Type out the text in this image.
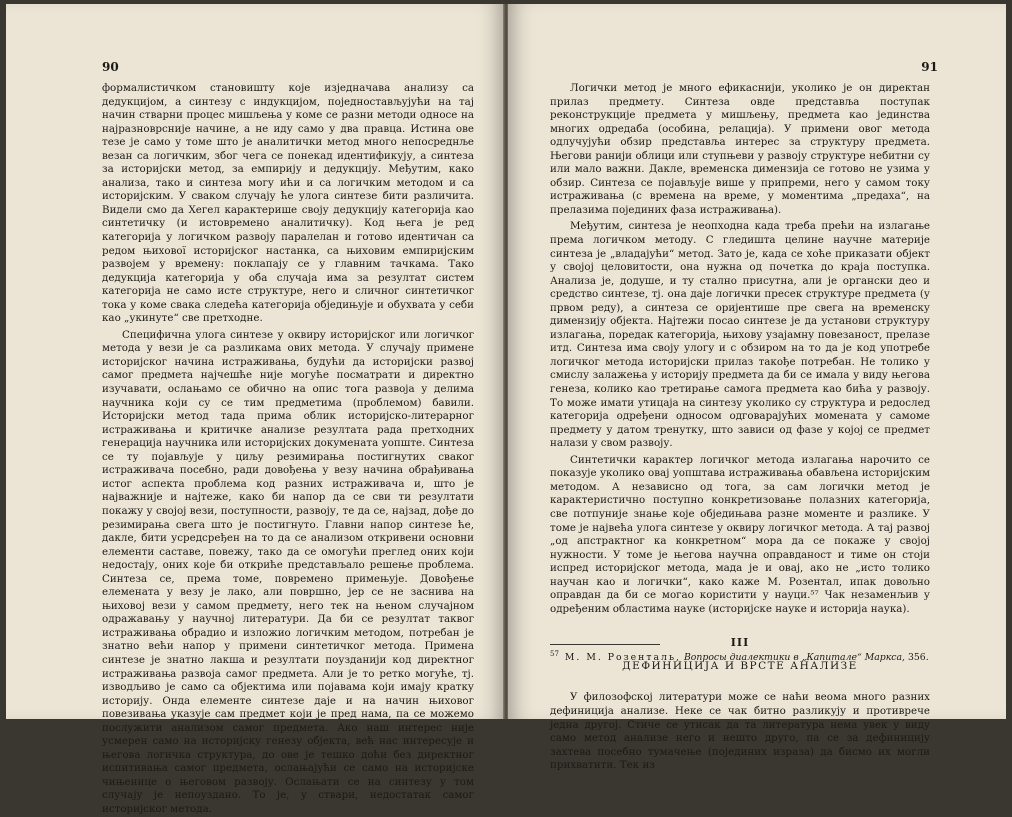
90

формалистичком становишту које изједначава анализу са дедукцијом, а синтезу с индукцијом, поједностављујући на тај начин стварни процес мишљења у коме се разни методи односе на најразноврсније начине, а не иду само у два правца. Истина ове тезе је само у томе што је аналитички метод много непосреднље везан са логичким, због чега се понекад идентификују, а синтеза за историјски метод, за емпирију и дедукцију. Међутим, како анализа, тако и синтеза могу ићи и са логичким методом и са историјским. У сваком случају ће улога синтезе бити различита. Видели смо да Хегел карактерише своју дедукцију категорија као синтетичку (и истовремено аналитичку). Код њега је ред категорија у логичком развоју паралелан и готово идентичан са редом њихової историјског настанка, са њиховим емпиријским развојем у времену: поклапају се у главним тачкама. Тако дедукција категорија у оба случаја има за резултат систем категорија не само исте структуре, него и сличног синтетичког тока у коме свака следећа категорија обједињује и обухвата у себи као „укинуте“ све претходне.

Специфична улога синтезе у оквиру историјског или логичког метода у вези је са разликама ових метода. У случају примене историјског начина истраживања, будући да историјски развој самог предмета најчешће није могуће посматрати и директно изучавати, ослањамо се обично на опис тога развоја у делима научника који су се тим предметима (проблемом) бавили. Историјски метод тада прима облик историјско-литерарног истраживања и критичке анализе резултата рада претходних генерација научника или историјских докумената уопште. Синтеза се ту појављује у циљу резимирања постигнутих сваког истраживача посебно, ради довођења у везу начина обрађивања истог аспекта проблема код разних истраживача и, што је најважније и најтеже, како би напор да се сви ти резултати покажу у својој вези, поступности, развоју, те да се, најзад, дође до резимирања свега што је постигнуто. Главни напор синтезе ће, дакле, бити усредсређен на то да се анализом откривени основни елементи саставе, повежу, тако да се омогући преглед оних који недостају, оних које би откриће представљало решење проблема. Синтеза се, према томе, повремено примењује. Довођење елемената у везу је лако, али површно, јер се не заснива на њиховој вези у самом предмету, него тек на њеном случајном одражавању у научној литератури. Да би се резултат таквог истраживања обрадио и изложио логичким методом, потребан је знатно већи напор у примени синтетичког метода. Примена синтезе је знатно лакша и резултати поузданији код директног истраживања развоја самог предмета. Али је то ретко могуће, тј. изводљиво је само са објектима или појавама који имају кратку историју. Онда елементе синтезе даје и на начин њиховог повезивања указује сам предмет који је пред нама, па се можемо послужити анализом самог предмета. Ако наш интерес није усмерен само на историјску генезу објекта, већ нас интересује и његова логичка структура, до ове је тешко доћи без директног испитивања самог предмета, ослањајући се само на историјске чињенице о његовом развоју. Ослањати се на синтезу у том случају је непоуздано. То је, у ствари, недостатак самог историјског метода.

91

Логички метод је много ефикаснији, уколико је он директан прилаз предмету. Синтеза овде представља поступак реконструкције предмета у мишљењу, предмета као јединства многих одредаба (особина, релација). У примени овог метода одлучујући обзир представља интерес за структуру предмета. Његови ранији облици или ступњеви у развоју структуре небитни су или мало важни. Дакле, временска димензија се готово не узима у обзир. Синтеза се појављује више у припреми, него у самом току истраживања (с времена на време, у моментима „предаха“, на прелазима појединих фаза истраживања).

Међутим, синтеза је неопходна када треба прећи на излагање према логичком методу. С гледишта целине научне материје синтеза је „владајући“ метод. Зато је, када се хоће приказати објект у својој целовитости, она нужна од почетка до краја поступка. Анализа је, додуше, и ту стално присутна, али је органски део и средство синтезе, тј. она даје логички пресек структуре предмета (у првом реду), а синтеза се оријентише пре свега на временску димензију објекта. Најтежи посао синтезе је да установи структуру излагања, поредак категорија, њихову узајамну повезаност, прелазе итд. Синтеза има своју улогу и с обзиром на то да је код употребе логичког метода историјски прилаз такође потребан. Не толико у смислу залажења у историју предмета да би се имала у виду његова генеза, колико као третирање самога предмета као бића у развоју. То може имати утицаја на синтезу уколико су структура и редослед категорија одређени односом одговарајућих момената у самоме предмету у датом тренутку, што зависи од фазе у којој се предмет налази у свом развоју.

Синтетички карактер логичког метода излагања нарочито се показује уколико овај уопштава истраживања обављена историјским методом. А независно од тога, за сам логички метод је карактеристично поступно конкретизовање полазних категорија, све потпуније знање које обједињава разне моменте и разлике. У томе је највећа улога синтезе у оквиру логичког метода. А тај развој „од апстрактног ка конкретном“ мора да се покаже у својој нужности. У томе је његова научна оправданост и тиме он стоји испред историјског метода, мада је и овај, ако не „исто толико научан као и логички“, како каже М. Розентал, ипак довољно оправдан да би се могао користити у науци.⁵⁷ Чак незаменљив у одређеним областима науке (историјске науке и историја наука).

III
ДЕФИНИЦИЈА И ВРСТЕ АНАЛИЗЕ

У филозофској литератури може се наћи веома много разних дефиниција анализе. Неке се чак битно разликују и противрече једна другој. Стиче се утисак да та литература нема увек у виду само метод анализе него и нешто друго, па се за дефиницију захтева посебно тумачење (појединих израза) да бисмо их могли прихватити. Тек из

$^{57}$ М. М. Розенталь, Вопросы диалектики в „Капитале“ Маркса, 356.
